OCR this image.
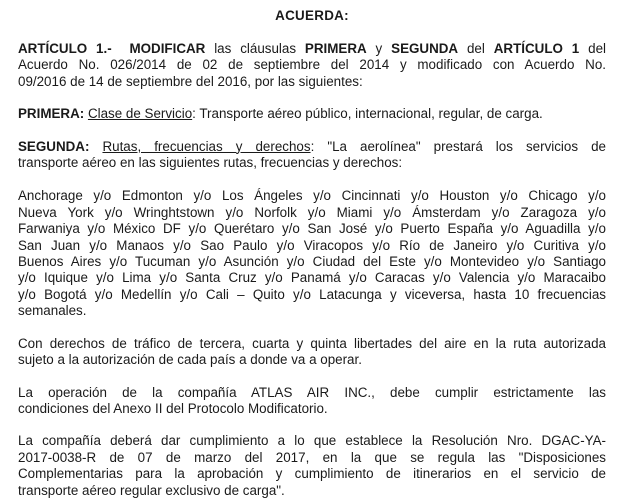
ACUERDA:

ARTÍCULO 1.- MODIFICAR las cláusulas PRIMERA y SEGUNDA del ARTÍCULO 1 del
Acuerdo No. 026/2014 de 02 de septiembre del 2014 y modificado con Acuerdo No.
09/2016 de 14 de septiembre del 2016, por las siguientes:

PRIMERA: Clase de Servicio: Transporte aéreo público, internacional, regular, de carga.

SEGUNDA: Rutas, frecuencias y derechos: "La aerolínea" prestará los servicios de
transporte aéreo en las siguientes rutas, frecuencias y derechos:

Anchorage y/o Edmonton y/o Los Ángeles y/o Cincinnati y/o Houston y/o Chicago y/o
Nueva York y/o Wringhtstown y/o Norfolk y/o Miami y/o Ámsterdam y/o Zaragoza y/o
Farwaniya y/o México DF y/o Querétaro y/o San José y/o Puerto España y/o Aguadilla y/o
San Juan y/o Manaos y/o Sao Paulo y/o Viracopos y/o Río de Janeiro y/o Curitiva y/o
Buenos Aires y/o Tucuman y/o Asunción y/o Ciudad del Este y/o Montevideo y/o Santiago
y/o Iquique y/o Lima y/o Santa Cruz y/o Panamá y/o Caracas y/o Valencia y/o Maracaibo
y/o Bogotá y/o Medellín y/o Cali – Quito y/o Latacunga y viceversa, hasta 10 frecuencias
semanales.

Con derechos de tráfico de tercera, cuarta y quinta libertades del aire en la ruta autorizada
sujeto a la autorización de cada país a donde va a operar.

La operación de la compañía ATLAS AIR INC., debe cumplir estrictamente las
condiciones del Anexo II del Protocolo Modificatorio.

La compañía deberá dar cumplimiento a lo que establece la Resolución Nro. DGAC-YA-
2017-0038-R de 07 de marzo del 2017, en la que se regula las "Disposiciones
Complementarias para la aprobación y cumplimiento de itinerarios en el servicio de
transporte aéreo regular exclusivo de carga".
